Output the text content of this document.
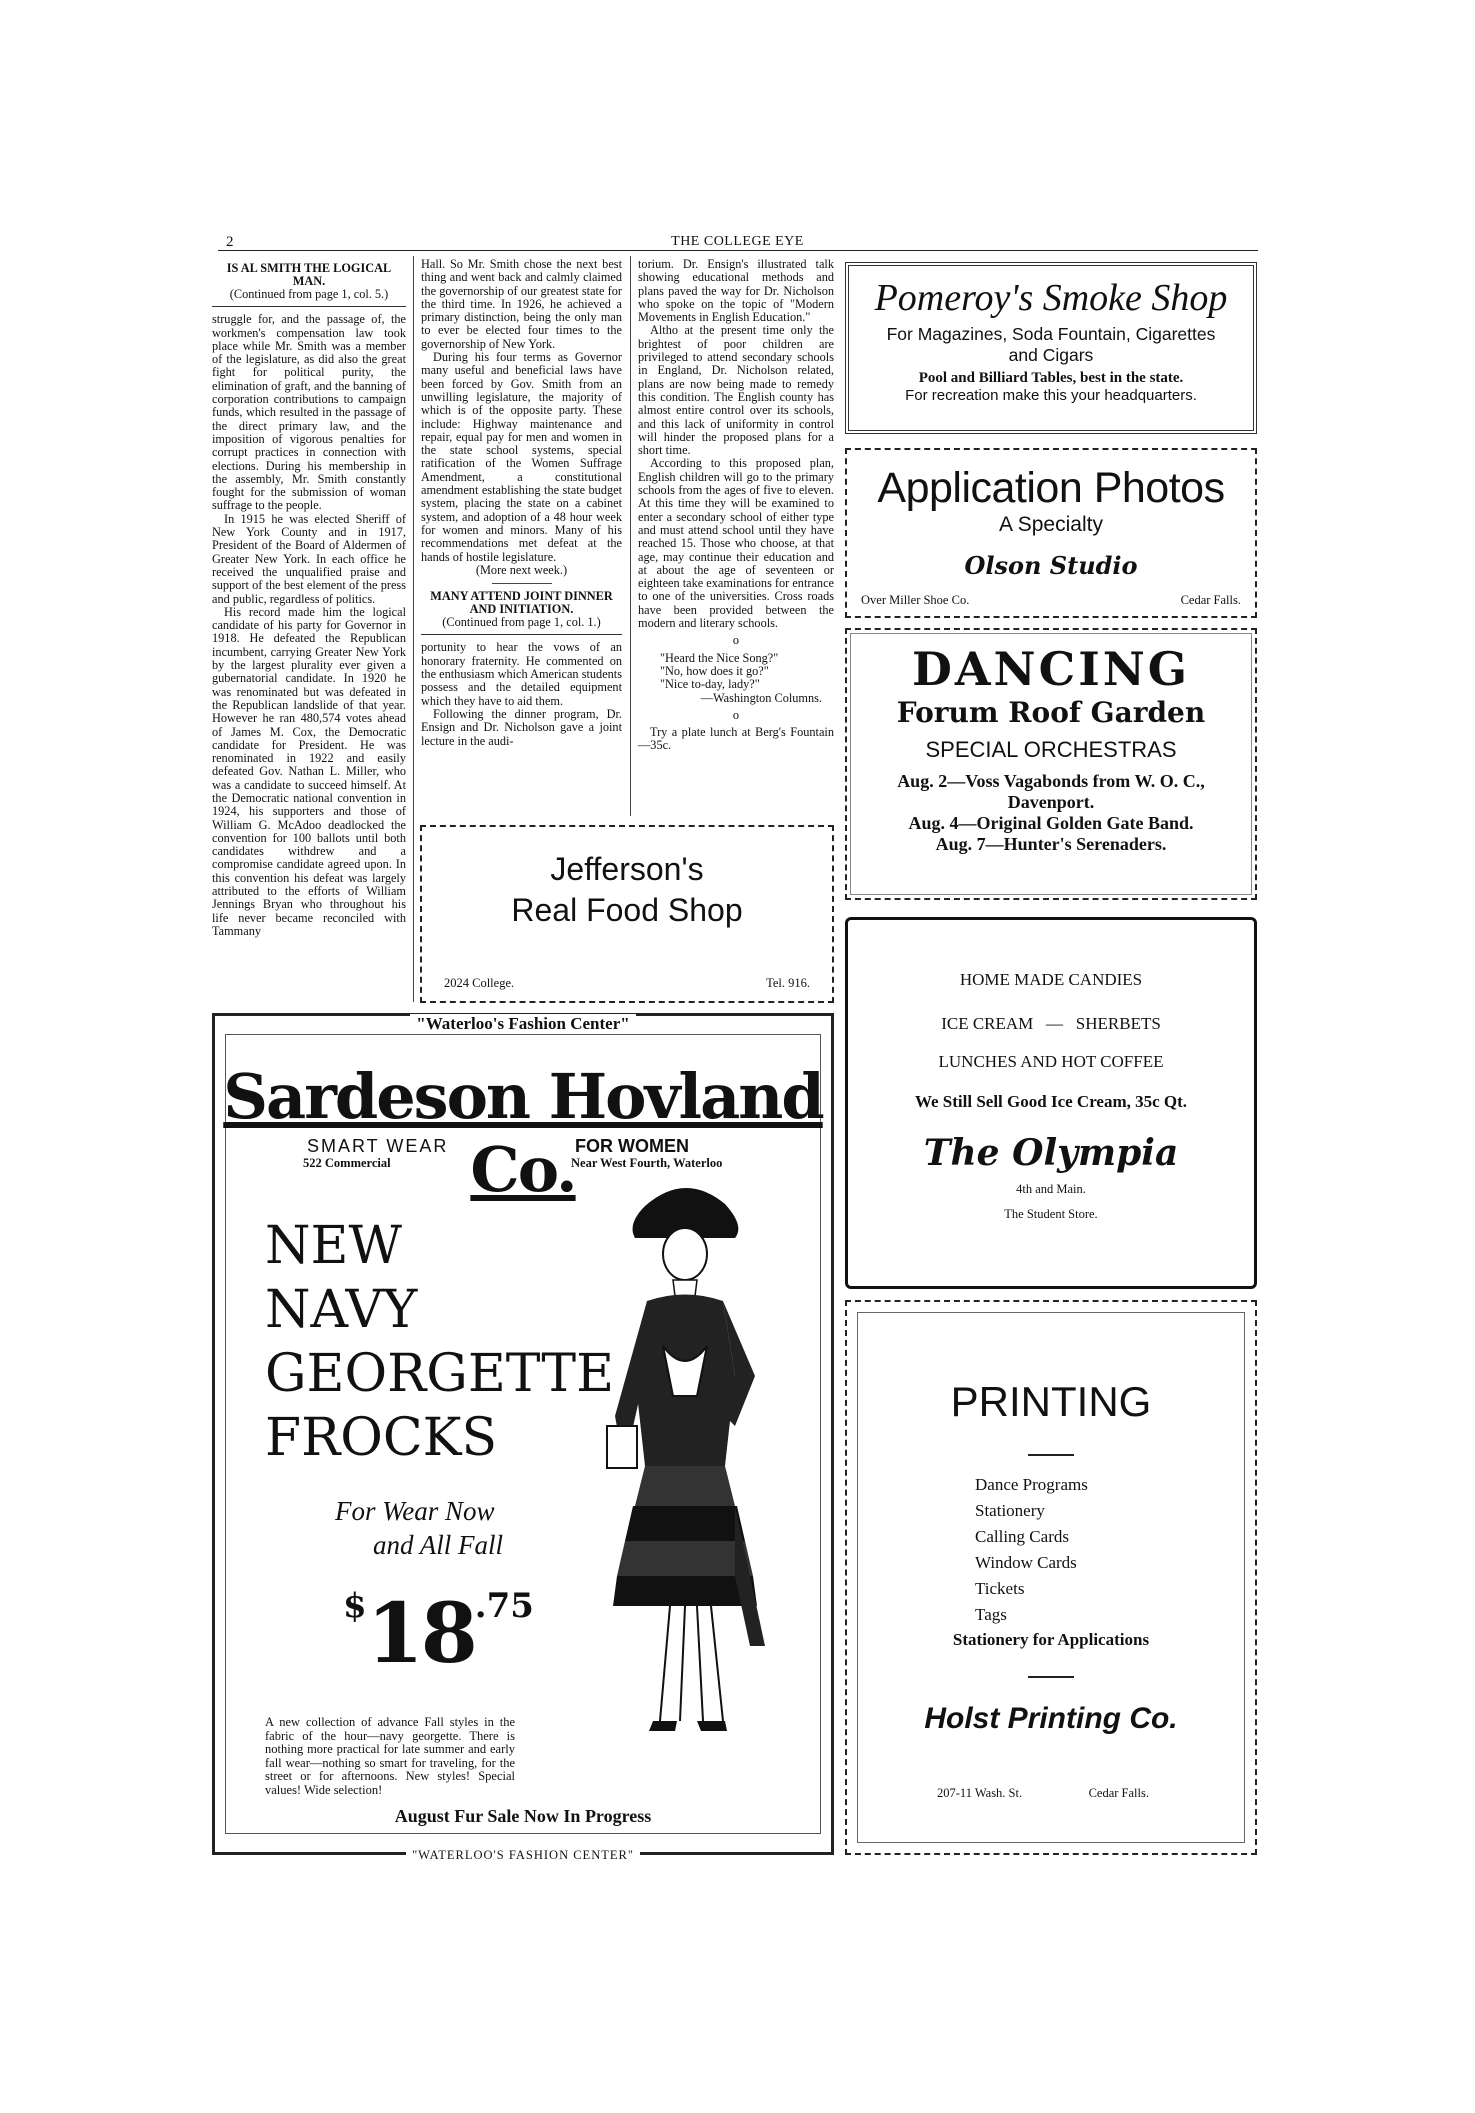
2	THE COLLEGE EYE

IS AL SMITH THE LOGICAL MAN.

(Continued from page 1, col. 5.)

struggle for, and the passage of, the workmen's compensation law took place while Mr. Smith was a member of the legislature, as did also the great fight for political purity, the elimination of graft, and the banning of corporation contributions to campaign funds, which resulted in the passage of the direct primary law, and the imposition of vigorous penalties for corrupt practices in connection with elections. During his membership in the assembly, Mr. Smith constantly fought for the submission of woman suffrage to the people.

In 1915 he was elected Sheriff of New York County and in 1917, President of the Board of Aldermen of Greater New York. In each office he received the unqualified praise and support of the best element of the press and public, regardless of politics.

His record made him the logical candidate of his party for Governor in 1918. He defeated the Republican incumbent, carrying Greater New York by the largest plurality ever given a gubernatorial candidate. In 1920 he was renominated but was defeated in the Republican landslide of that year. However he ran 480,574 votes ahead of James M. Cox, the Democratic candidate for President. He was renominated in 1922 and easily defeated Gov. Nathan L. Miller, who was a candidate to succeed himself. At the Democratic national convention in 1924, his supporters and those of William G. McAdoo deadlocked the convention for 100 ballots until both candidates withdrew and a compromise candidate agreed upon. In this convention his defeat was largely attributed to the efforts of William Jennings Bryan who throughout his life never became reconciled with Tammany

Hall. So Mr. Smith chose the next best thing and went back and calmly claimed the governorship of our greatest state for the third time. In 1926, he achieved a primary distinction, being the only man to ever be elected four times to the governorship of New York.

During his four terms as Governor many useful and beneficial laws have been forced by Gov. Smith from an unwilling legislature, the majority of which is of the opposite party. These include: Highway maintenance and repair, equal pay for men and women in the state school systems, special ratification of the Women Suffrage Amendment, a constitutional amendment establishing the state budget system, placing the state on a cabinet system, and adoption of a 48 hour week for women and minors. Many of his recommendations met defeat at the hands of hostile legislature.

(More next week.)

MANY ATTEND JOINT DINNER AND INITIATION.

(Continued from page 1, col. 1.)

portunity to hear the vows of an honorary fraternity. He commented on the enthusiasm which American students possess and the detailed equipment which they have to aid them.

Following the dinner program, Dr. Ensign and Dr. Nicholson gave a joint lecture in the audi-

torium. Dr. Ensign's illustrated talk showing educational methods and plans paved the way for Dr. Nicholson who spoke on the topic of "Modern Movements in English Education."

Altho at the present time only the brightest of poor children are privileged to attend secondary schools in England, Dr. Nicholson related, plans are now being made to remedy this condition. The English county has almost entire control over its schools, and this lack of uniformity in control will hinder the proposed plans for a short time.

According to this proposed plan, English children will go to the primary schools from the ages of five to eleven. At this time they will be examined to enter a secondary school of either type and must attend school until they have reached 15. Those who choose, at that age, may continue their education and at about the age of seventeen or eighteen take examinations for entrance to one of the universities. Cross roads have been provided between the modern and literary schools.

o

"Heard the Nice Song?"

"No, how does it go?"

"Nice to-day, lady?"

—Washington Columns.

o

Try a plate lunch at Berg's Fountain—35c.

Pomeroy's Smoke Shop
For Magazines, Soda Fountain, Cigarettes
and Cigars
Pool and Billiard Tables, best in the state.
For recreation make this your headquarters.
Application Photos
A Specialty
Olson Studio
Over Miller Shoe Co.	Cedar Falls.
Jefferson's
Real Food Shop
2024 College.	Tel. 916.
DANCING
Forum Roof Garden
SPECIAL ORCHESTRAS
Aug. 2—Voss Vagabonds from W. O. C.,
Davenport.
Aug. 4—Original Golden Gate Band.
Aug. 7—Hunter's Serenaders.
HOME MADE CANDIES
ICE CREAM — SHERBETS
LUNCHES AND HOT COFFEE
We Still Sell Good Ice Cream, 35c Qt.
The Olympia
4th and Main.
The Student Store.
PRINTING
Dance Programs
Stationery
Calling Cards
Window Cards
Tickets
Tags
Stationery for Applications
Holst Printing Co.
207-11 Wash. St.	Cedar Falls.
"Waterloo's Fashion Center"
Sardeson Hovland Co.
SMART WEAR	FOR WOMEN
522 Commercial	Near West Fourth, Waterloo
NEW
NAVY
GEORGETTE
FROCKS
For Wear Now
and All Fall
$18.75
A new collection of advance Fall styles in the fabric of the hour—navy georgette. There is nothing more practical for late summer and early fall wear—nothing so smart for traveling, for the street or for afternoons. New styles! Special values! Wide selection!
August Fur Sale Now In Progress
"WATERLOO'S FASHION CENTER"
